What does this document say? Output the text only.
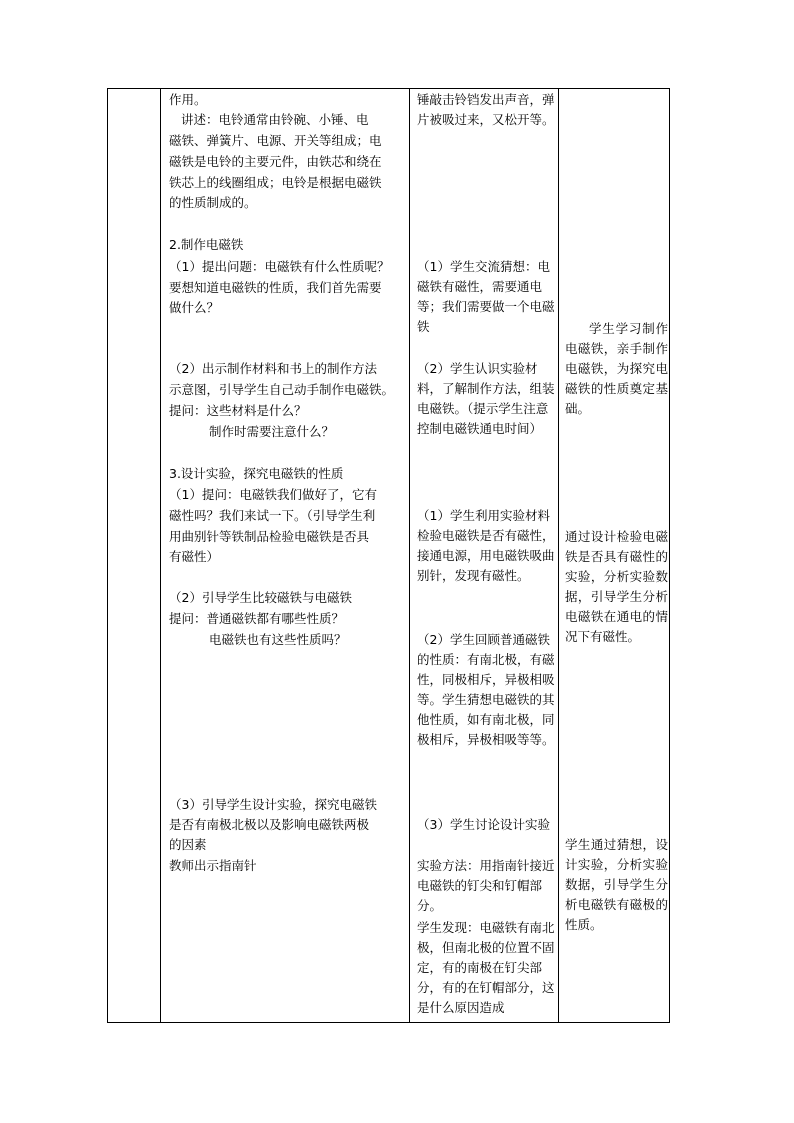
作用。

讲述：电铃通常由铃碗、小锤、电

磁铁、弹簧片、电源、开关等组成；电

磁铁是电铃的主要元件，由铁芯和绕在

铁芯上的线圈组成；电铃是根据电磁铁

的性质制成的。

2.制作电磁铁

（1）提出问题：电磁铁有什么性质呢？

要想知道电磁铁的性质，我们首先需要

做什么？

（2）出示制作材料和书上的制作方法

示意图，引导学生自己动手制作电磁铁。

提问：这些材料是什么？

制作时需要注意什么？

3.设计实验，探究电磁铁的性质

（1）提问：电磁铁我们做好了，它有

磁性吗？我们来试一下。（引导学生利

用曲别针等铁制品检验电磁铁是否具

有磁性）

（2）引导学生比较磁铁与电磁铁

提问：普通磁铁都有哪些性质？

电磁铁也有这些性质吗？

（3）引导学生设计实验，探究电磁铁

是否有南极北极以及影响电磁铁两极

的因素

教师出示指南针

锤敲击铃铛发出声音，弹片被吸过来，又松开等。

（1）学生交流猜想：电磁铁有磁性，需要通电等；我们需要做一个电磁铁

（2）学生认识实验材料，了解制作方法，组装电磁铁。（提示学生注意控制电磁铁通电时间）

（1）学生利用实验材料检验电磁铁是否有磁性，接通电源，用电磁铁吸曲别针，发现有磁性。

（2）学生回顾普通磁铁的性质：有南北极，有磁性，同极相斥，异极相吸等。学生猜想电磁铁的其他性质，如有南北极，同极相斥，异极相吸等等。

（3）学生讨论设计实验

实验方法：用指南针接近电磁铁的钉尖和钉帽部分。

学生发现：电磁铁有南北极，但南北极的位置不固定，有的南极在钉尖部分，有的在钉帽部分，这是什么原因造成

学生学习制作电磁铁，亲手制作电磁铁，为探究电磁铁的性质奠定基础。

通过设计检验电磁铁是否具有磁性的实验，分析实验数据，引导学生分析电磁铁在通电的情况下有磁性。

学生通过猜想，设计实验，分析实验数据，引导学生分析电磁铁有磁极的性质。
